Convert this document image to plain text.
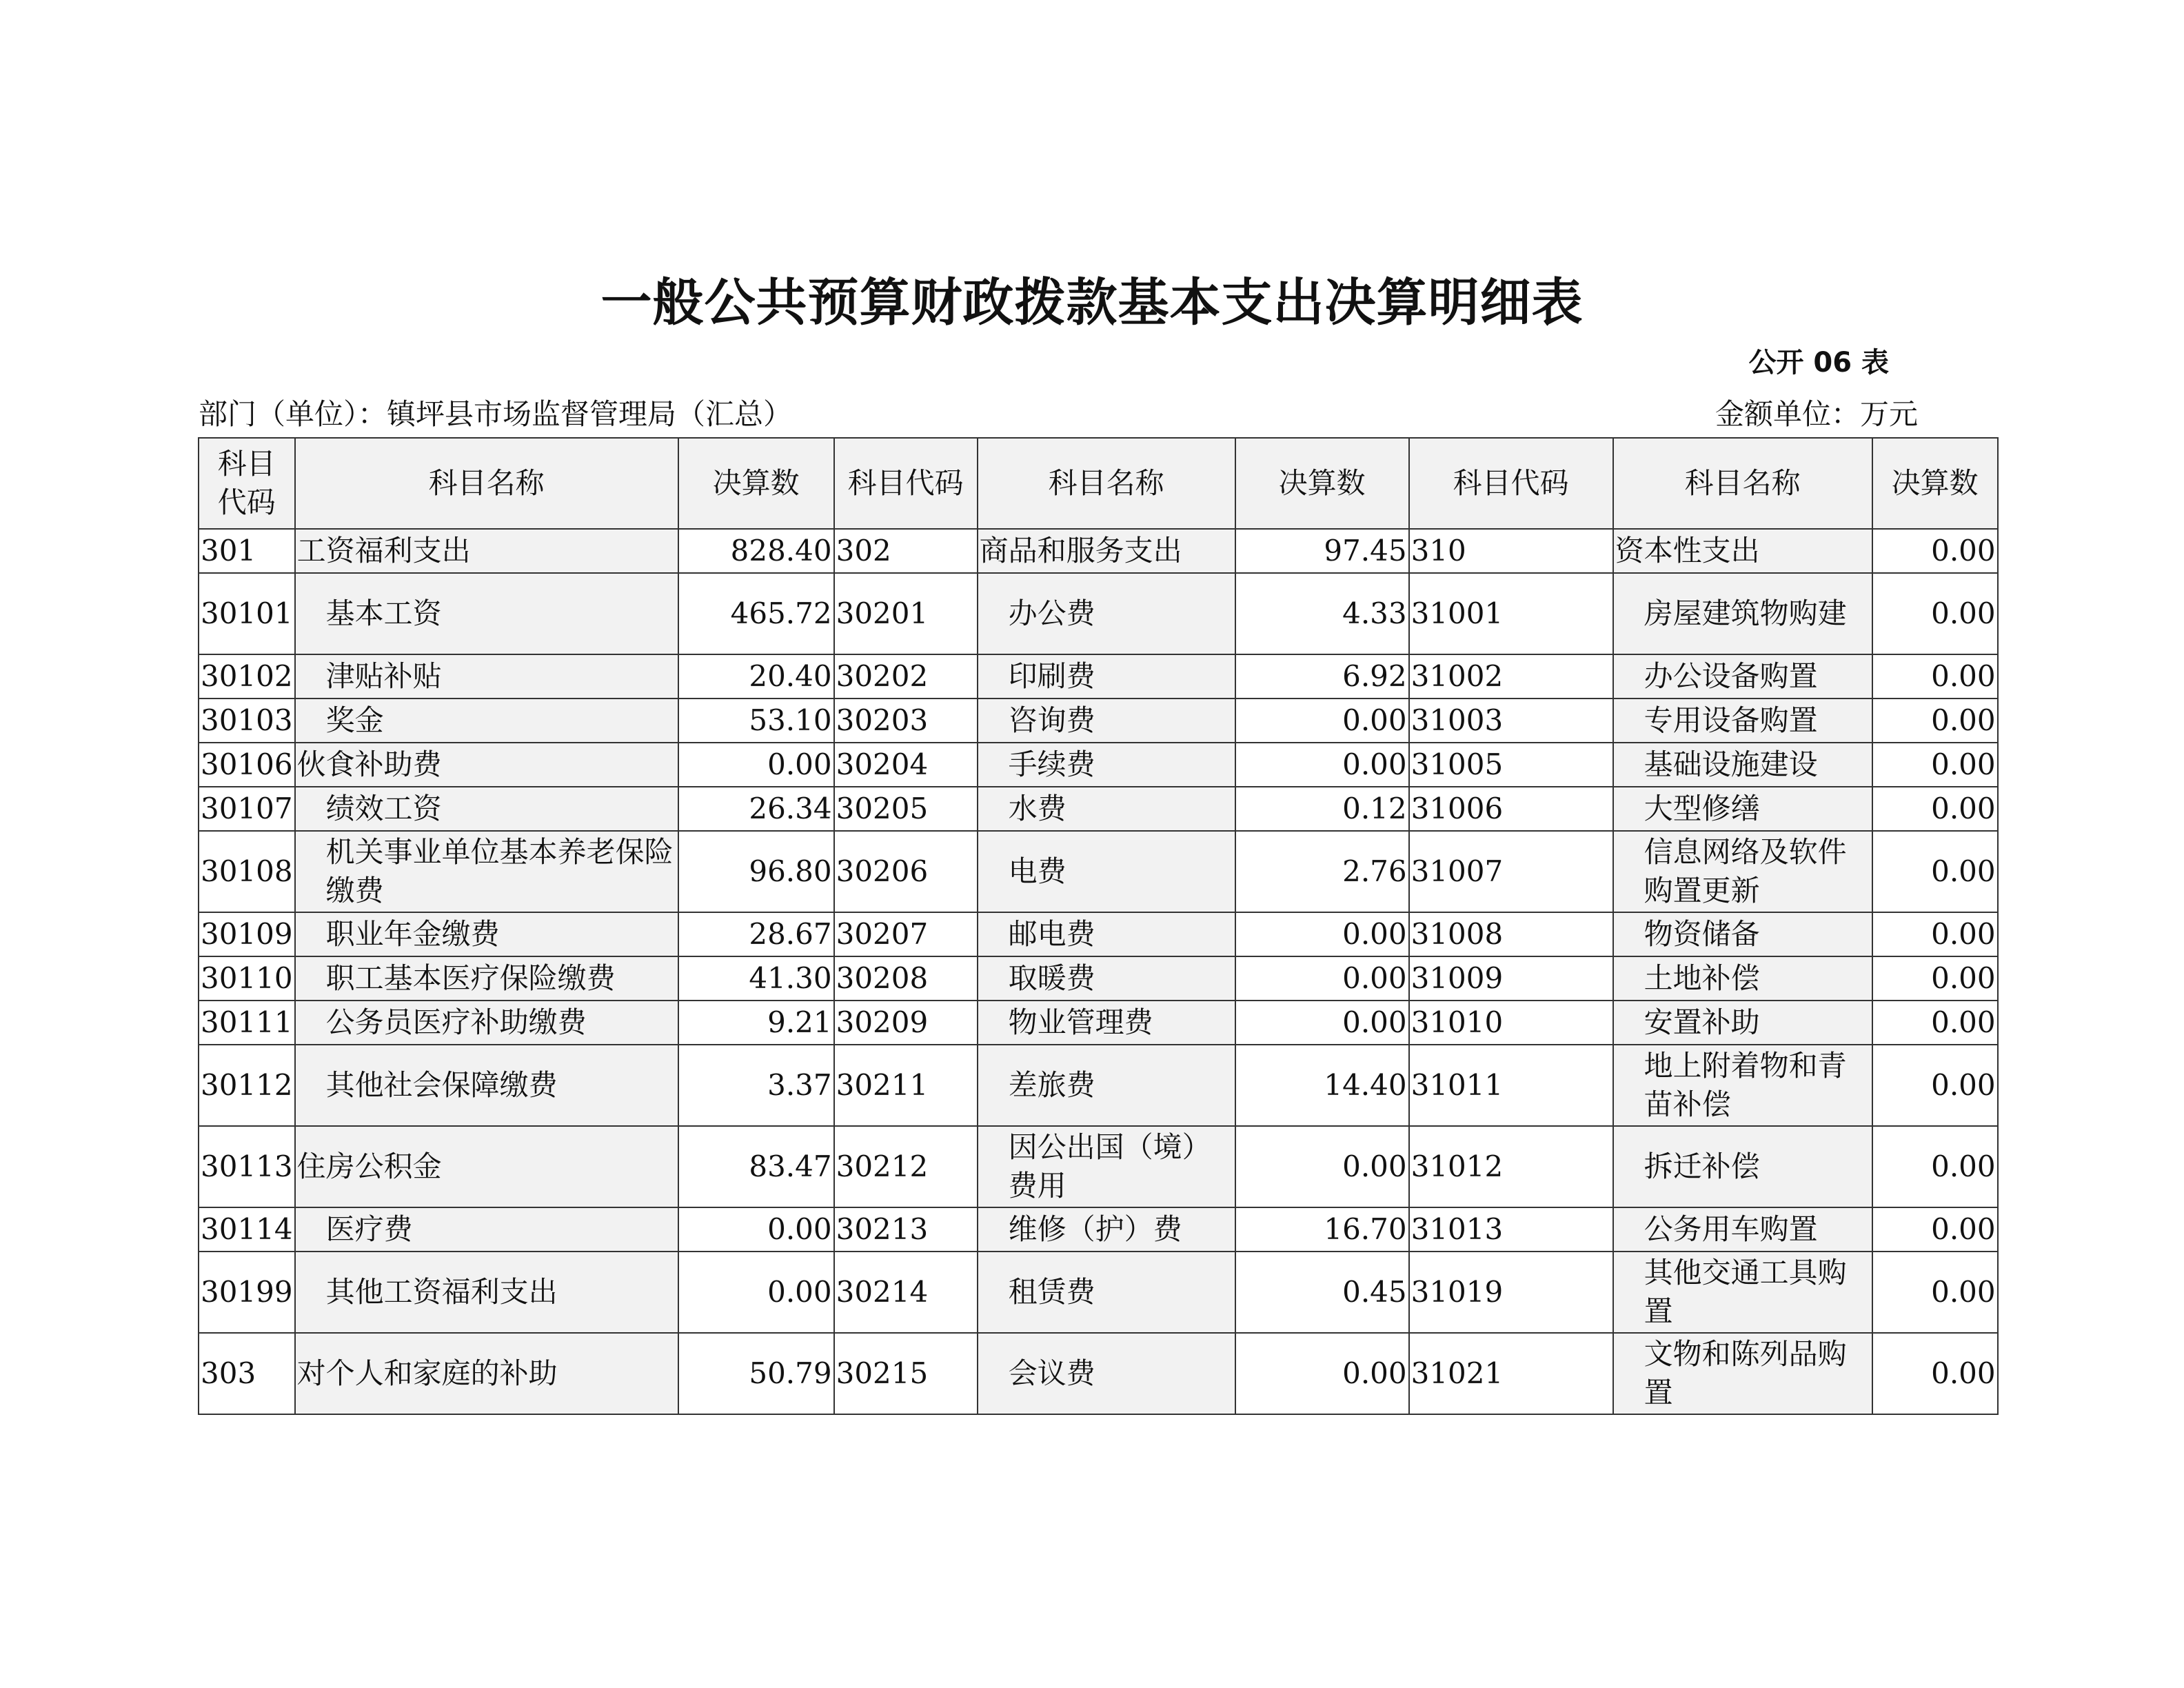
一般公共预算财政拨款基本支出决算明细表
公开 06 表
部门（单位）：镇坪县市场监督管理局（汇总）	金额单位：万元
科目
代码	科目名称	决算数	科目代码	科目名称	决算数	科目代码	科目名称	决算数
301	工资福利支出	828.40	302	商品和服务支出	97.45	310	资本性支出	0.00
30101	基本工资	465.72	30201	办公费	4.33	31001	房屋建筑物购建	0.00
30102	津贴补贴	20.40	30202	印刷费	6.92	31002	办公设备购置	0.00
30103	奖金	53.10	30203	咨询费	0.00	31003	专用设备购置	0.00
30106	伙食补助费	0.00	30204	手续费	0.00	31005	基础设施建设	0.00
30107	绩效工资	26.34	30205	水费	0.12	31006	大型修缮	0.00
30108	机关事业单位基本养老保险缴费	96.80	30206	电费	2.76	31007	信息网络及软件购置更新	0.00
30109	职业年金缴费	28.67	30207	邮电费	0.00	31008	物资储备	0.00
30110	职工基本医疗保险缴费	41.30	30208	取暖费	0.00	31009	土地补偿	0.00
30111	公务员医疗补助缴费	9.21	30209	物业管理费	0.00	31010	安置补助	0.00
30112	其他社会保障缴费	3.37	30211	差旅费	14.40	31011	地上附着物和青苗补偿	0.00
30113	住房公积金	83.47	30212	因公出国（境）费用	0.00	31012	拆迁补偿	0.00
30114	医疗费	0.00	30213	维修（护）费	16.70	31013	公务用车购置	0.00
30199	其他工资福利支出	0.00	30214	租赁费	0.45	31019	其他交通工具购置	0.00
303	对个人和家庭的补助	50.79	30215	会议费	0.00	31021	文物和陈列品购置	0.00
